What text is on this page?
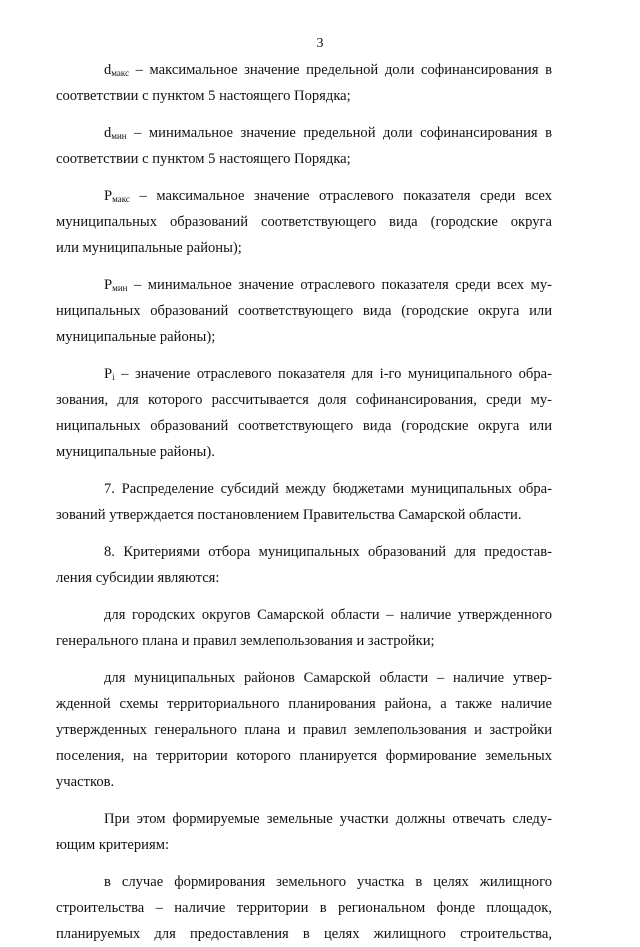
3
$d_{макс}$ – максимальное значение предельной доли софинансирования в
соответствии с пунктом 5 настоящего Порядка;
$d_{мин}$ – минимальное значение предельной доли софинансирования в
соответствии с пунктом 5 настоящего Порядка;
$P_{макс}$ – максимальное значение отраслевого показателя среди всех
муниципальных образований соответствующего вида (городские округа
или муниципальные районы);
$P_{мин}$ – минимальное значение отраслевого показателя среди всех му-
ниципальных образований соответствующего вида (городские округа или
муниципальные районы);
$P_i$ – значение отраслевого показателя для i-го муниципального обра-
зования, для которого рассчитывается доля софинансирования, среди му-
ниципальных образований соответствующего вида (городские округа или
муниципальные районы).
7. Распределение субсидий между бюджетами муниципальных обра-
зований утверждается постановлением Правительства Самарской области.
8. Критериями отбора муниципальных образований для предостав-
ления субсидии являются:
для городских округов Самарской области – наличие утвержденного
генерального плана и правил землепользования и застройки;
для муниципальных районов Самарской области – наличие утвер-
жденной схемы территориального планирования района, а также наличие
утвержденных генерального плана и правил землепользования и застройки
поселения, на территории которого планируется формирование земельных
участков.
При этом формируемые земельные участки должны отвечать следу-
ющим критериям:
в случае формирования земельного участка в целях жилищного
строительства – наличие территории в региональном фонде площадок,
планируемых для предоставления в целях жилищного строительства,
